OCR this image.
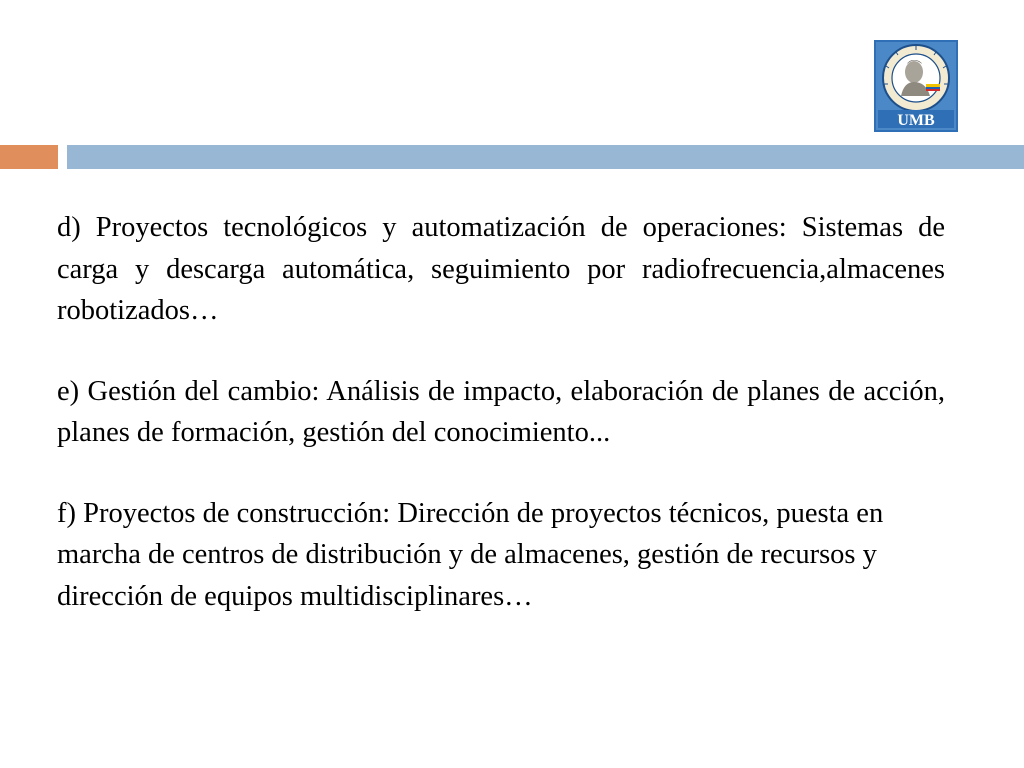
UMB

d) Proyectos tecnológicos y automatización de operaciones: Sistemas de carga y descarga automática, seguimiento por radiofrecuencia,almacenes robotizados…

e) Gestión del cambio: Análisis de impacto, elaboración de planes de acción, planes de formación, gestión del conocimiento...

f) Proyectos de construcción: Dirección de proyectos técnicos, puesta en marcha de centros de distribución y de almacenes, gestión de recursos y dirección de equipos multidisciplinares…
